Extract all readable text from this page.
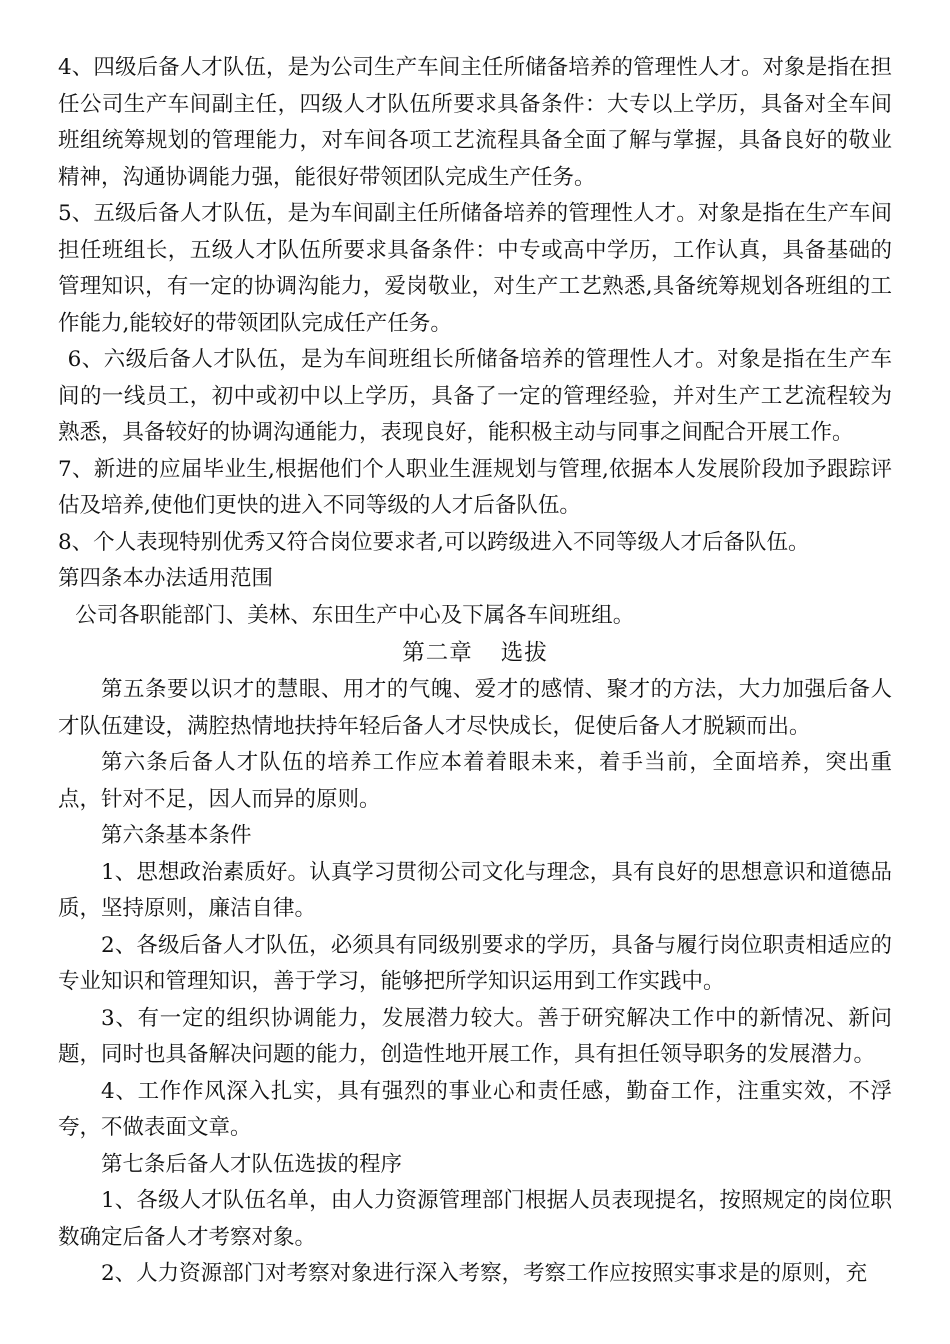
4、四级后备人才队伍，是为公司生产车间主任所储备培养的管理性人才。对象是指在担任公司生产车间副主任，四级人才队伍所要求具备条件：大专以上学历，具备对全车间班组统筹规划的管理能力，对车间各项工艺流程具备全面了解与掌握，具备良好的敬业精神，沟通协调能力强，能很好带领团队完成生产任务。

5、五级后备人才队伍，是为车间副主任所储备培养的管理性人才。对象是指在生产车间担任班组长，五级人才队伍所要求具备条件：中专或高中学历，工作认真，具备基础的管理知识，有一定的协调沟能力，爱岗敬业，对生产工艺熟悉,具备统筹规划各班组的工作能力,能较好的带领团队完成任产任务。

6、六级后备人才队伍，是为车间班组长所储备培养的管理性人才。对象是指在生产车间的一线员工，初中或初中以上学历，具备了一定的管理经验，并对生产工艺流程较为熟悉，具备较好的协调沟通能力，表现良好，能积极主动与同事之间配合开展工作。

7、新进的应届毕业生,根据他们个人职业生涯规划与管理,依据本人发展阶段加予跟踪评估及培养,使他们更快的进入不同等级的人才后备队伍。

8、个人表现特别优秀又符合岗位要求者,可以跨级进入不同等级人才后备队伍。

第四条本办法适用范围

公司各职能部门、美林、东田生产中心及下属各车间班组。

第二章 选拔

第五条要以识才的慧眼、用才的气魄、爱才的感情、聚才的方法，大力加强后备人才队伍建设，满腔热情地扶持年轻后备人才尽快成长，促使后备人才脱颖而出。

第六条后备人才队伍的培养工作应本着着眼未来，着手当前，全面培养，突出重点，针对不足，因人而异的原则。

第六条基本条件

1、思想政治素质好。认真学习贯彻公司文化与理念，具有良好的思想意识和道德品质，坚持原则，廉洁自律。

2、各级后备人才队伍，必须具有同级别要求的学历，具备与履行岗位职责相适应的专业知识和管理知识，善于学习，能够把所学知识运用到工作实践中。

3、有一定的组织协调能力，发展潜力较大。善于研究解决工作中的新情况、新问题，同时也具备解决问题的能力，创造性地开展工作，具有担任领导职务的发展潜力。

4、工作作风深入扎实，具有强烈的事业心和责任感，勤奋工作，注重实效，不浮夸，不做表面文章。

第七条后备人才队伍选拔的程序

1、各级人才队伍名单，由人力资源管理部门根据人员表现提名，按照规定的岗位职数确定后备人才考察对象。

2、人力资源部门对考察对象进行深入考察，考察工作应按照实事求是的原则，充
